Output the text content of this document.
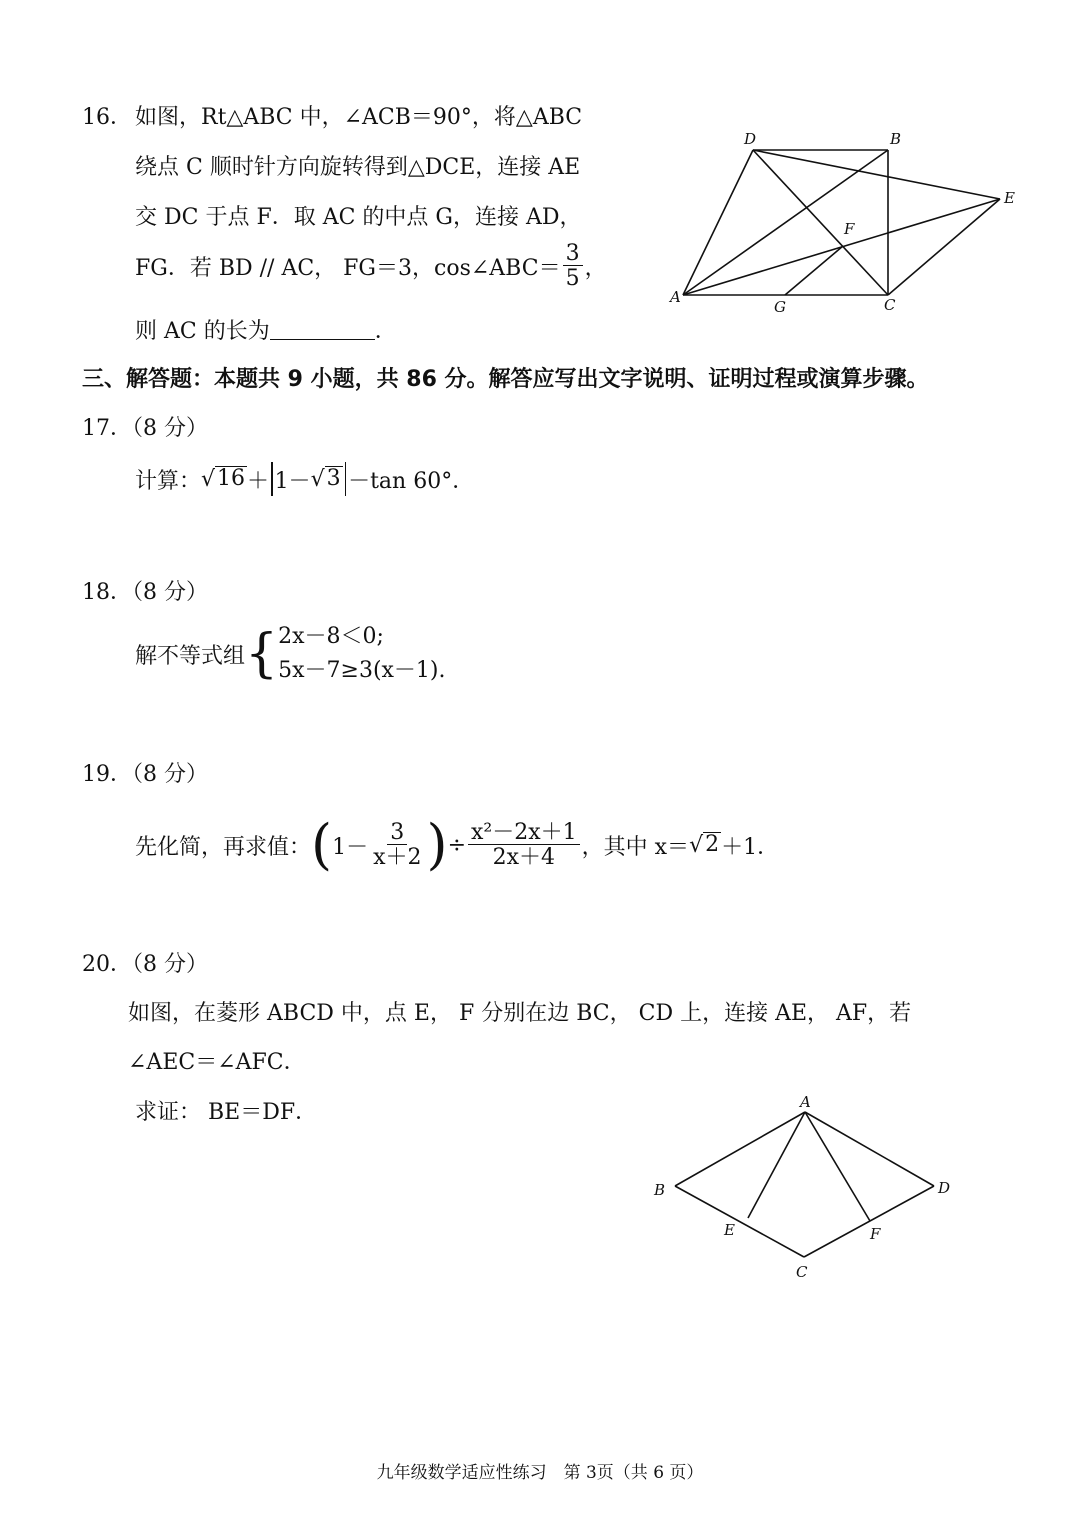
16． 如图，Rt△ABC 中，∠ACB＝90°，将△ABC
绕点 C 顺时针方向旋转得到△DCE，连接 AE
交 DC 于点 F．取 AC 的中点 G，连接 AD，
FG．若 BD // AC， FG＝3，cos∠ABC＝ $\frac{3}{5}$ ，
则 AC 的长为	．
D	B
E
F
A
G	C
三、解答题：本题共 9 小题，共 86 分。解答应写出文字说明、证明过程或演算步骤。
17．（8 分）
计算： √ 16 ＋ 1－ √ 3 －tan 60°．
18．（8 分）
解不等式组 { 2x－8＜0;
5x－7≥3(x－1).
19．（8 分）
先化简，再求值： ( $1- \frac{3}{x+2}$ ) ÷ $\frac{\text{x²－2x＋1}}{2x+4}$ ，其中 x＝ √ 2 ＋1．
20．（8 分）
如图，在菱形 ABCD 中，点 E， F 分别在边 BC， CD 上，连接 AE， AF，若
∠AEC＝∠AFC．
求证： BE＝DF．	A
B	D
E	F
C
九年级数学适应性练习　第 3页（共 6 页）
